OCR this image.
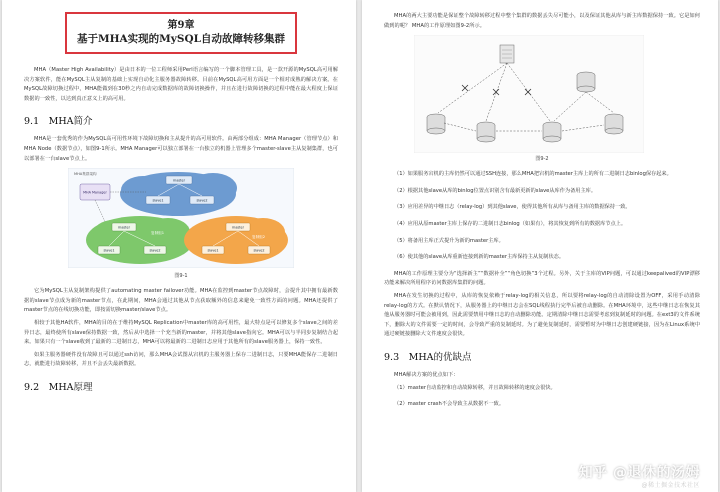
第9章
基于MHA实现的MySQL自动故障转移集群

MHA（Master High Availability）是由日本的一位工程师采用Perl语言编写的一个脚本管理工具，是一款开源的MySQL高可用解决方案软件，能在MySQL主从复制的基础上实现自动化主服务器故障转移。目前在MySQL高可用方面是一个相对成熟的解决方案。在MySQL故障切换过程中，MHA能做到在30秒之内自动完成数据库的故障切换操作，并且在进行故障切换的过程中能在最大程度上保证数据的一致性，以达到真正意义上的高可用。

9.1　MHA简介

MHA是一套优秀的作为MySQL高可用性环境下故障切换和主从提升的高可用软件。由两部分组成：MHA Manager（管理节点）和MHA Node（数据节点），如图9-1所示。MHA Manager可以独立部署在一台独立的机器上管理多个master-slave主从复制集群，也可以部署在一台slave节点上。

MHA集群架构
master
slave1	slave2
MHA Manager
master
复制组1
slave1	slave2
master
复制组2
slave1	slave2
图9-1

它为MySQL主从复制架构提供了automating master failover功能。MHA在监控到master节点故障时，会提升其中拥有最新数据的slave节点成为新的master节点，在此期间，MHA会通过其他从节点获取额外的信息来避免一致性方面的问题。MHA还提供了master节点的在线切换功能，即按需切换master/slave节点。

相较于其他HA软件，MHA的目的在于维持MySQL Replication中master库的高可用性，最大特点是可以修复多个slave之间的差异日志，最终使所有slave保持数据一致，然后从中选择一个充当新的master，并将其他slave指向它。MHA可以与半同步复制结合起来。如果只有一个slave收到了最新的二进制日志，MHA可以将最新的二进制日志应用于其他所有的slave服务器上，保持一致性。

如果主服务器硬件没有故障且可以通过ssh访问，那么MHA会试图从宕机的主服务器上保存二进制日志，只要MHA能保存二进制日志，就能进行故障转移，并且不会丢失最新数据。

9.2　MHA原理

MHA的两大主要功能是保证整个故障转移过程中整个集群的数据丢失尽可能小，以及保证其他从库与新主库数据保持一致。它是如何做到的呢？ MHA的工作原理如图9-2所示。

图9-2

（1）如果服务宕机的主库仍然可以通过SSH连接，那么MHA把宕机的master主库上的所有二进制日志binlog保存起来。

（2）根据其他slave从库的binlog位置点识别含有最新更新的slave从库作为备用主库。

（3）应用差异的中继日志（relay-log）到其他slave，使得其他所有从库与备用主库的数据保持一致。

（4）应用从原master主库上保存的二进制日志binlog（如果有），将其恢复到所有的数据库节点上。

（5）将备用主库正式提升为新的master主库。

（6）使其他的slave从库重新连接到新的master主库保持主从复制状态。

MHA的工作原理主要分为“选择新主”“数据补全”“角色切换”3个过程。另外，关于主库的VIP问题，可以通过keepalived的VIP漂移功能来解决所用程序访问数据库集群的问题。

MHA在发生切换的过程中，从库的恢复依赖于relay-log的相关信息，所以要将relay-log的自动清除设置为OFF，采用手动清除relay-log的方式。在默认情况下，从服务器上的中继日志会在SQL线程执行完毕后被自动删除。在MHA环境中，这些中继日志在恢复其他从服务器时可能会被用到，因此需要禁用中继日志的自动删除功能。定期清除中继日志需要考虑到复制延时的问题。在ext3的文件系统下，删除大的文件需要一定的时间，会导致严重的复制延时。为了避免复制延时，需要暂时为中继日志创建硬链接，因为在Linux系统中通过硬链接删除大文件速度会很快。

9.3　MHA的优缺点

MHA解决方案的优点如下：

（1）master自动监控和自动故障转移，并且故障转移的速度会很快。

（2）master crash不会导致主从数据不一致。

知乎 @退休的汤姆
@稀土掘金技术社区
